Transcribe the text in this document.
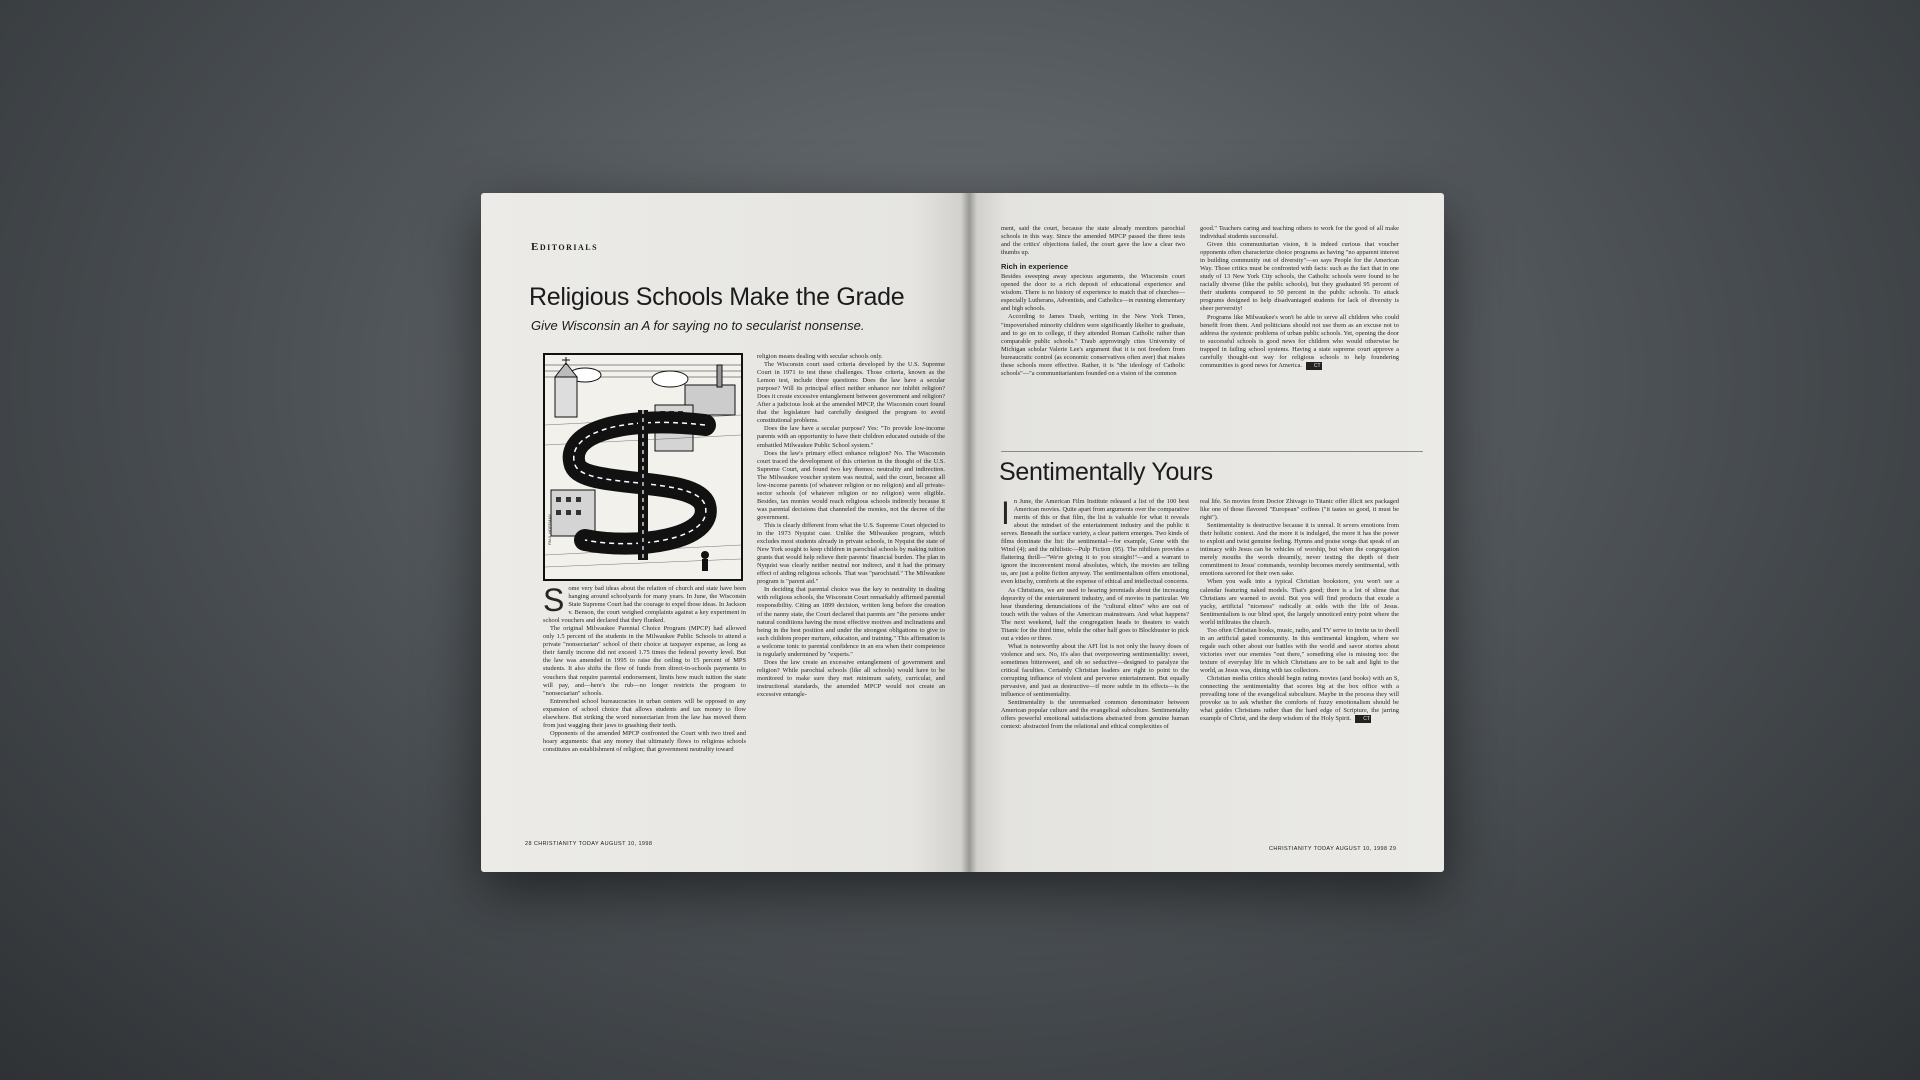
Editorials
Religious Schools Make the Grade
Give Wisconsin an A for saying no to secularist nonsense.
PAUL HOFFMAN

Some very bad ideas about the relation of church and state have been hanging around schoolyards for many years. In June, the Wisconsin State Supreme Court had the courage to expel those ideas. In Jackson v. Benson, the court weighed complaints against a key experiment in school vouchers and declared that they flunked.

The original Milwaukee Parental Choice Program (MPCP) had allowed only 1.5 percent of the students in the Milwaukee Public Schools to attend a private "nonsectarian" school of their choice at taxpayer expense, as long as their family income did not exceed 1.75 times the federal poverty level. But the law was amended in 1995 to raise the ceiling to 15 percent of MPS students. It also shifts the flow of funds from direct-to-schools payments to vouchers that require parental endorsement, limits how much tuition the state will pay, and—here's the rub—no longer restricts the program to "nonsectarian" schools.

Entrenched school bureaucracies in urban centers will be opposed to any expansion of school choice that allows students and tax money to flow elsewhere. But striking the word nonsectarian from the law has moved them from just wagging their jaws to gnashing their teeth.

Opponents of the amended MPCP confronted the Court with two tired and hoary arguments: that any money that ultimately flows to religious schools constitutes an establishment of religion; that government neutrality toward

religion means dealing with secular schools only.

The Wisconsin court used criteria developed by the U.S. Supreme Court in 1971 to test these challenges. Those criteria, known as the Lemon test, include three questions: Does the law have a secular purpose? Will its principal effect neither enhance nor inhibit religion? Does it create excessive entanglement between government and religion? After a judicious look at the amended MPCP, the Wisconsin court found that the legislature had carefully designed the program to avoid constitutional problems.

Does the law have a secular purpose? Yes: "To provide low-income parents with an opportunity to have their children educated outside of the embattled Milwaukee Public School system."

Does the law's primary effect enhance religion? No. The Wisconsin court traced the development of this criterion in the thought of the U.S. Supreme Court, and found two key themes: neutrality and indirection. The Milwaukee voucher system was neutral, said the court, because all low-income parents (of whatever religion or no religion) and all private-sector schools (of whatever religion or no religion) were eligible. Besides, tax monies would reach religious schools indirectly because it was parental decisions that channeled the monies, not the decree of the government.

This is clearly different from what the U.S. Supreme Court objected to in the 1973 Nyquist case. Unlike the Milwaukee program, which excludes most students already in private schools, in Nyquist the state of New York sought to keep children in parochial schools by making tuition grants that would help relieve their parents' financial burden. The plan in Nyquist was clearly neither neutral nor indirect, and it had the primary effect of aiding religious schools. That was "parochiaid." The Milwaukee program is "parent aid."

In deciding that parental choice was the key to neutrality in dealing with religious schools, the Wisconsin Court remarkably affirmed parental responsibility. Citing an 1899 decision, written long before the creation of the nanny state, the Court declared that parents are "the persons under natural conditions having the most effective motives and inclinations and being in the best position and under the strongest obligations to give to such children proper nurture, education, and training." This affirmation is a welcome tonic to parental confidence in an era when their competence is regularly undermined by "experts."

Does the law create an excessive entanglement of government and religion? While parochial schools (like all schools) would have to be monitored to make sure they met minimum safety, curricular, and instructional standards, the amended MPCP would not create an excessive entangle-

28 CHRISTIANITY TODAY AUGUST 10, 1998

ment, said the court, because the state already monitors parochial schools in this way. Since the amended MPCP passed the three tests and the critics' objections failed, the court gave the law a clear two thumbs up.

Rich in experience

Besides sweeping away specious arguments, the Wisconsin court opened the door to a rich deposit of educational experience and wisdom. There is no history of experience to match that of churches—especially Lutherans, Adventists, and Catholics—in running elementary and high schools.

According to James Traub, writing in the New York Times, "impoverished minority children were significantly likelier to graduate, and to go on to college, if they attended Roman Catholic rather than comparable public schools." Traub approvingly cites University of Michigan scholar Valerie Lee's argument that it is not freedom from bureaucratic control (as economic conservatives often aver) that makes these schools more effective. Rather, it is "the ideology of Catholic schools"—"a communitarianism founded on a vision of the common

good." Teachers caring and teaching others to work for the good of all make individual students successful.

Given this communitarian vision, it is indeed curious that voucher opponents often characterize choice programs as having "no apparent interest in building community out of diversity"—so says People for the American Way. Those critics must be confronted with facts: such as the fact that in one study of 13 New York City schools, the Catholic schools were found to be racially diverse (like the public schools), but they graduated 95 percent of their students compared to 50 percent in the public schools. To attack programs designed to help disadvantaged students for lack of diversity is sheer perversity!

Programs like Milwaukee's won't be able to serve all children who could benefit from them. And politicians should not use them as an excuse not to address the systemic problems of urban public schools. Yet, opening the door to successful schools is good news for children who would otherwise be trapped in failing school systems. Having a state supreme court approve a carefully thought-out way for religious schools to help foundering communities is good news for America. CT

Sentimentally Yours

In June, the American Film Institute released a list of the 100 best American movies. Quite apart from arguments over the comparative merits of this or that film, the list is valuable for what it reveals about the mindset of the entertainment industry and the public it serves. Beneath the surface variety, a clear pattern emerges. Two kinds of films dominate the list: the sentimental—for example, Gone with the Wind (4); and the nihilistic—Pulp Fiction (95). The nihilism provides a flattering thrill—"We're giving it to you straight!"—and a warrant to ignore the inconvenient moral absolutes, which, the movies are telling us, are just a polite fiction anyway. The sentimentalism offers emotional, even kitschy, comforts at the expense of ethical and intellectual concerns.

As Christians, we are used to hearing jeremiads about the increasing depravity of the entertainment industry, and of movies in particular. We hear thundering denunciations of the "cultural elites" who are out of touch with the values of the American mainstream. And what happens? The next weekend, half the congregation heads to theaters to watch Titanic for the third time, while the other half goes to Blockbuster to pick out a video or three.

What is noteworthy about the AFI list is not only the heavy doses of violence and sex. No, it's also that overpowering sentimentality: sweet, sometimes bittersweet, and oh so seductive—designed to paralyze the critical faculties. Certainly Christian leaders are right to point to the corrupting influence of violent and perverse entertainment. But equally pervasive, and just as destructive—if more subtle in its effects—is the influence of sentimentality.

Sentimentality is the unremarked common denominator between American popular culture and the evangelical subculture. Sentimentality offers powerful emotional satisfactions abstracted from genuine human context: abstracted from the relational and ethical complexities of

real life. So movies from Doctor Zhivago to Titanic offer illicit sex packaged like one of those flavored "European" coffees ("it tastes so good, it must be right").

Sentimentality is destructive because it is unreal. It severs emotions from their holistic context. And the more it is indulged, the more it has the power to exploit and twist genuine feeling. Hymns and praise songs that speak of an intimacy with Jesus can be vehicles of worship, but when the congregation merely mouths the words dreamily, never testing the depth of their commitment to Jesus' commands, worship becomes merely sentimental, with emotions savored for their own sake.

When you walk into a typical Christian bookstore, you won't see a calendar featuring naked models. That's good; there is a lot of slime that Christians are warned to avoid. But you will find products that exude a yucky, artificial "niceness" radically at odds with the life of Jesus. Sentimentalism is our blind spot, the largely unnoticed entry point where the world infiltrates the church.

Too often Christian books, music, radio, and TV serve to invite us to dwell in an artificial gated community. In this sentimental kingdom, where we regale each other about our battles with the world and savor stories about victories over our enemies "out there," something else is missing too: the texture of everyday life in which Christians are to be salt and light to the world, as Jesus was, dining with tax collectors.

Christian media critics should begin rating movies (and books) with an S, connecting the sentimentality that scores big at the box office with a prevailing tone of the evangelical subculture. Maybe in the process they will provoke us to ask whether the comforts of fuzzy emotionalism should be what guides Christians rather than the hard edge of Scripture, the jarring example of Christ, and the deep wisdom of the Holy Spirit. CT

CHRISTIANITY TODAY AUGUST 10, 1998 29
